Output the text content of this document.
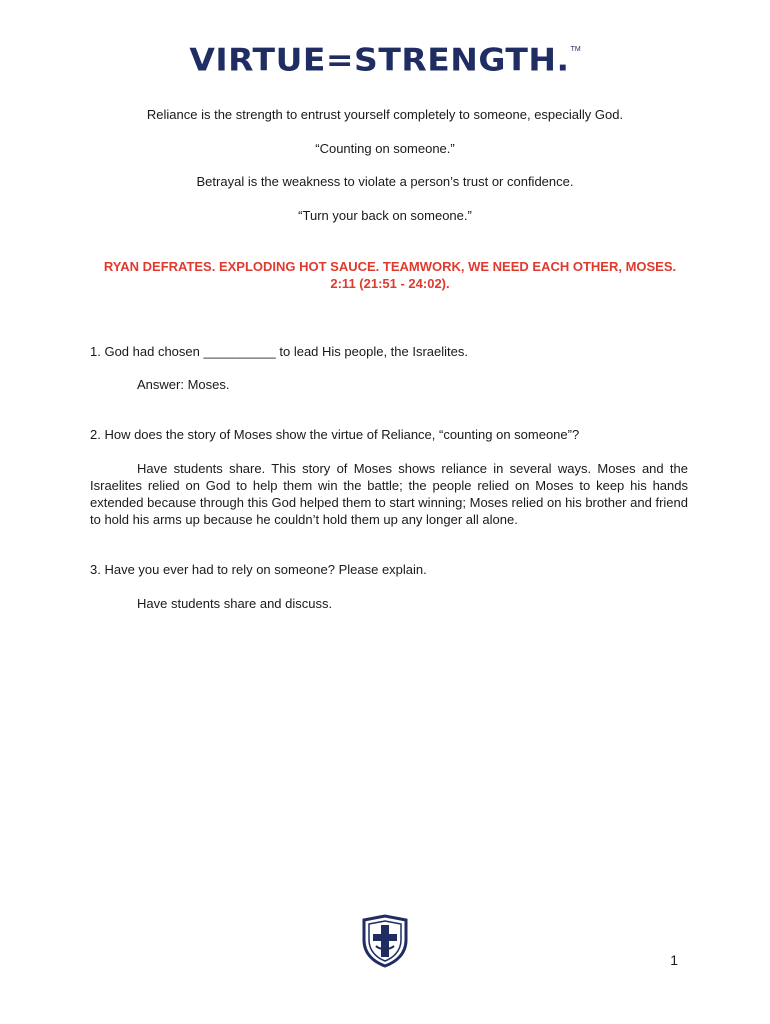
VIRTUE=STRENGTH.™
Reliance is the strength to entrust yourself completely to someone, especially God.
“Counting on someone.”
Betrayal is the weakness to violate a person’s trust or confidence.
“Turn your back on someone.”
RYAN DEFRATES. EXPLODING HOT SAUCE. TEAMWORK, WE NEED EACH OTHER, MOSES.
2:11 (21:51 - 24:02).
1. God had chosen __________ to lead His people, the Israelites.
Answer: Moses.
2. How does the story of Moses show the virtue of Reliance, “counting on someone”?
Have students share. This story of Moses shows reliance in several ways. Moses and the Israelites relied on God to help them win the battle; the people relied on Moses to keep his hands extended because through this God helped them to start winning; Moses relied on his brother and friend to hold his arms up because he couldn’t hold them up any longer all alone.
3. Have you ever had to rely on someone? Please explain.
Have students share and discuss.
1
